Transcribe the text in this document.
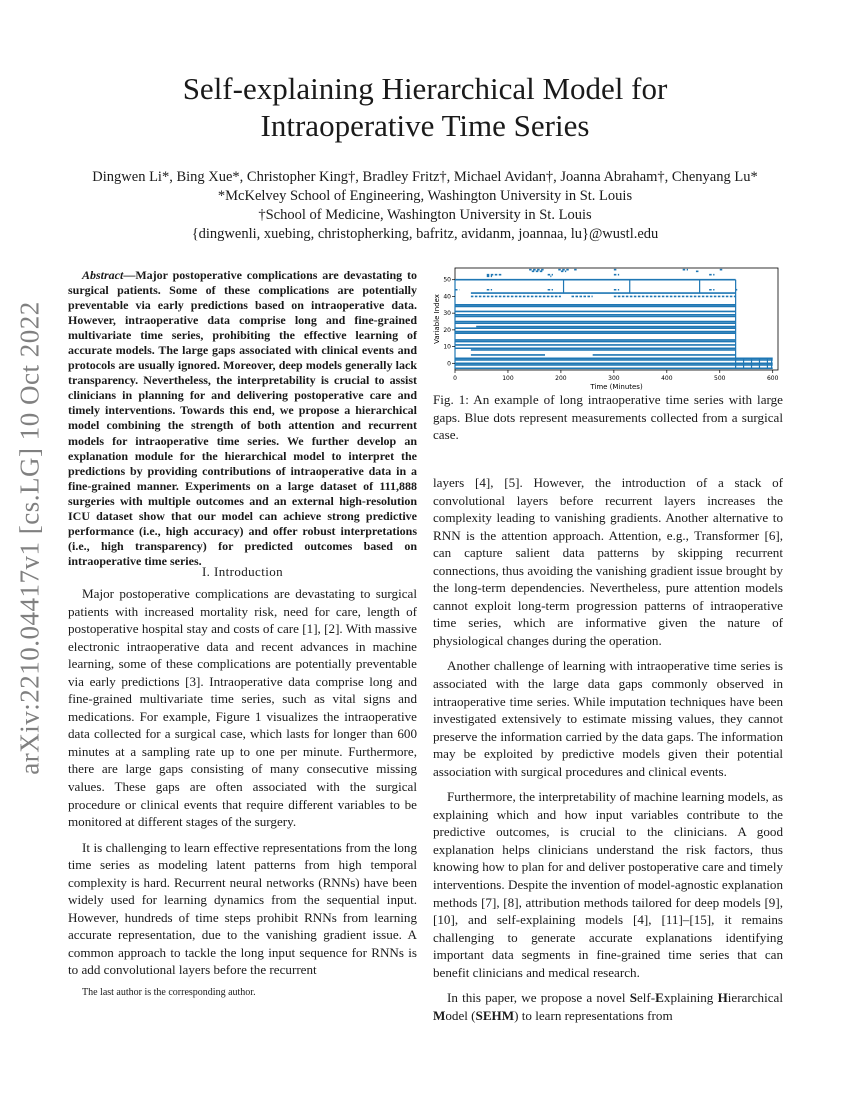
arXiv:2210.04417v1 [cs.LG] 10 Oct 2022
Self-explaining Hierarchical Model for
Intraoperative Time Series
Dingwen Li*, Bing Xue*, Christopher King†, Bradley Fritz†, Michael Avidan†, Joanna Abraham†, Chenyang Lu*
*McKelvey School of Engineering, Washington University in St. Louis
†School of Medicine, Washington University in St. Louis
{dingwenli, xuebing, christopherking, bafritz, avidanm, joannaa, lu}@wustl.edu

Abstract—Major postoperative complications are devastating to surgical patients. Some of these complications are potentially preventable via early predictions based on intraoperative data. However, intraoperative data comprise long and fine-grained multivariate time series, prohibiting the effective learning of accurate models. The large gaps associated with clinical events and protocols are usually ignored. Moreover, deep models generally lack transparency. Nevertheless, the interpretability is crucial to assist clinicians in planning for and delivering postoperative care and timely interventions. Towards this end, we propose a hierarchical model combining the strength of both attention and recurrent models for intraoperative time series. We further develop an explanation module for the hierarchical model to interpret the predictions by providing contributions of intraoperative data in a fine-grained manner. Experiments on a large dataset of 111,888 surgeries with multiple outcomes and an external high-resolution ICU dataset show that our model can achieve strong predictive performance (i.e., high accuracy) and offer robust interpretations (i.e., high transparency) for predicted outcomes based on intraoperative time series.

I. Introduction

Major postoperative complications are devastating to surgical patients with increased mortality risk, need for care, length of postoperative hospital stay and costs of care [1], [2]. With massive electronic intraoperative data and recent advances in machine learning, some of these complications are potentially preventable via early predictions [3]. Intraoperative data comprise long and fine-grained multivariate time series, such as vital signs and medications. For example, Figure 1 visualizes the intraoperative data collected for a surgical case, which lasts for longer than 600 minutes at a sampling rate up to one per minute. Furthermore, there are large gaps consisting of many consecutive missing values. These gaps are often associated with the surgical procedure or clinical events that require different variables to be monitored at different stages of the surgery.

It is challenging to learn effective representations from the long time series as modeling latent patterns from high temporal complexity is hard. Recurrent neural networks (RNNs) have been widely used for learning dynamics from the sequential input. However, hundreds of time steps prohibit RNNs from learning accurate representation, due to the vanishing gradient issue. A common approach to tackle the long input sequence for RNNs is to add convolutional layers before the recurrent

The last author is the corresponding author.
0	100	200	300	400	500	600
0
10
20
30
40
50
Time (Minutes)
Variable Index
Fig. 1: An example of long intraoperative time series with large gaps. Blue dots represent measurements collected from a surgical case.

layers [4], [5]. However, the introduction of a stack of convolutional layers before recurrent layers increases the complexity leading to vanishing gradients. Another alternative to RNN is the attention approach. Attention, e.g., Transformer [6], can capture salient data patterns by skipping recurrent connections, thus avoiding the vanishing gradient issue brought by the long-term dependencies. Nevertheless, pure attention models cannot exploit long-term progression patterns of intraoperative time series, which are informative given the nature of physiological changes during the operation.

Another challenge of learning with intraoperative time series is associated with the large data gaps commonly observed in intraoperative time series. While imputation techniques have been investigated extensively to estimate missing values, they cannot preserve the information carried by the data gaps. The information may be exploited by predictive models given their potential association with surgical procedures and clinical events.

Furthermore, the interpretability of machine learning models, as explaining which and how input variables contribute to the predictive outcomes, is crucial to the clinicians. A good explanation helps clinicians understand the risk factors, thus knowing how to plan for and deliver postoperative care and timely interventions. Despite the invention of model-agnostic explanation methods [7], [8], attribution methods tailored for deep models [9], [10], and self-explaining models [4], [11]–[15], it remains challenging to generate accurate explanations identifying important data segments in fine-grained time series that can benefit clinicians and medical research.

In this paper, we propose a novel Self-Explaining Hierarchical Model (SEHM) to learn representations from
